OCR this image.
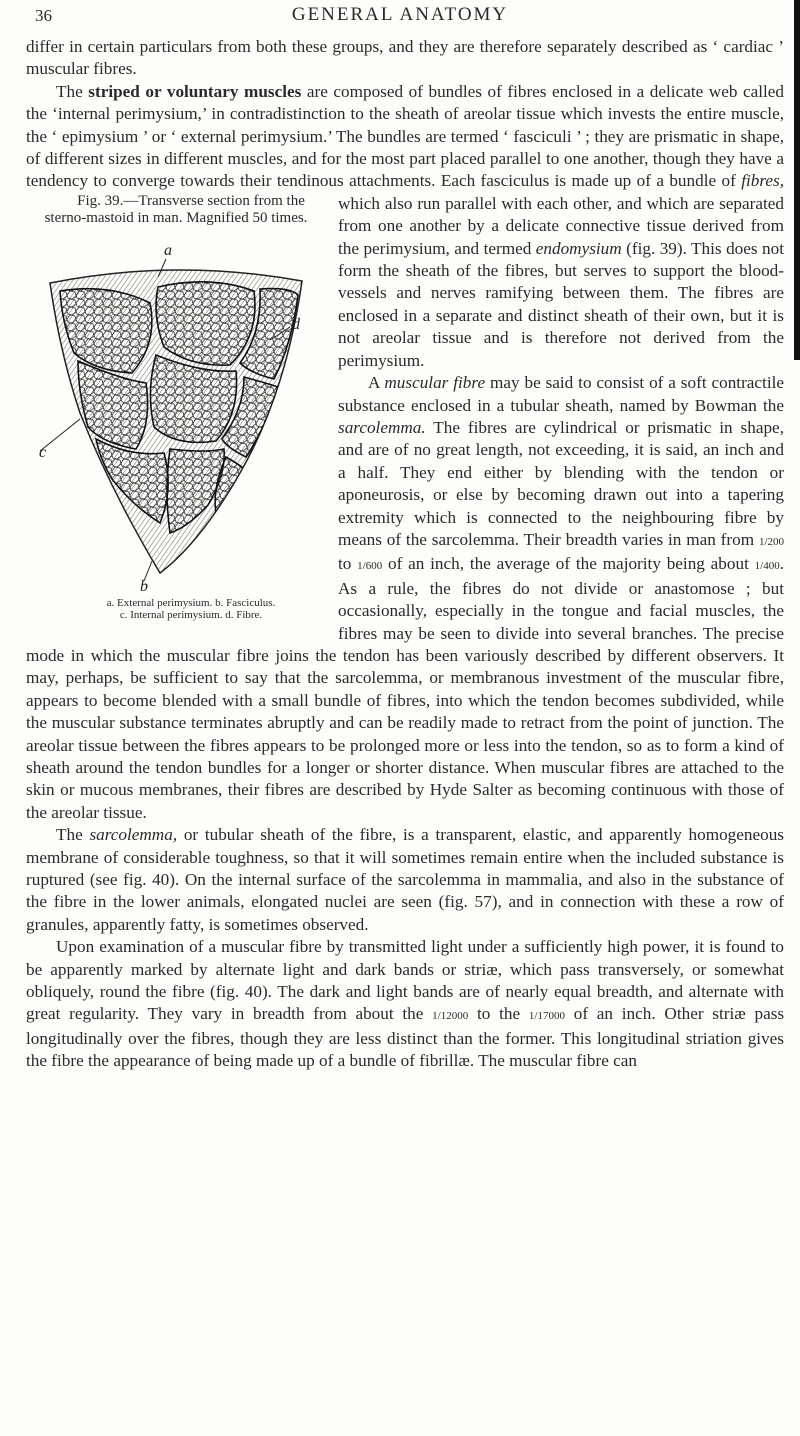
36	GENERAL ANATOMY

differ in certain particulars from both these groups, and they are therefore separately described as ‘ cardiac ’ muscular fibres.

The striped or voluntary muscles are composed of bundles of fibres enclosed in a delicate web called the ‘internal perimysium,’ in contradistinction to the sheath of areolar tissue which invests the entire muscle, the ‘ epimysium ’ or ‘ external perimysium.’ The bundles are termed ‘ fasciculi ’ ; they are prismatic in shape, of different sizes in different muscles, and for the most part placed parallel to one another, though they have a tendency to converge towards their tendinous attachments. Each fasciculus is made up of a bundle of
Fig. 39.—Transverse section from the sterno-mastoid in man. Magnified 50 times.
a
c
d
b
a. External perimysium. b. Fasciculus.
c. Internal perimysium. d. Fibre.
fibres, which also run parallel with each other, and which are separated from one another by a delicate connective tissue derived from the perimysium, and termed endomysium (fig. 39). This does not form the sheath of the fibres, but serves to support the blood-vessels and nerves ramifying between them. The fibres are enclosed in a separate and distinct sheath of their own, but it is not areolar tissue and is therefore not derived from the perimysium.

A muscular fibre may be said to consist of a soft contractile substance enclosed in a tubular sheath, named by Bowman the sarcolemma. The fibres are cylindrical or prismatic in shape, and are of no great length, not exceeding, it is said, an inch and a half. They end either by blending with the tendon or aponeurosis, or else by becoming drawn out into a tapering extremity which is connected to the neighbouring fibre by means of the sarcolemma. Their breadth varies in man from 1/200 to 1/600 of an inch, the average of the majority being about 1/400. As a rule, the fibres do not divide or anastomose ; but occasionally, especially in the tongue and facial muscles, the fibres may be seen to divide into several branches. The precise mode in which the muscular fibre joins the tendon has been variously described by different observers. It may, perhaps, be sufficient to say that the sarcolemma, or membranous investment of the muscular fibre, appears to become blended with a small bundle of fibres, into which the tendon becomes subdivided, while the muscular substance terminates abruptly and can be readily made to retract from the point of junction. The areolar tissue between the fibres appears to be prolonged more or less into the tendon, so as to form a kind of sheath around the tendon bundles for a longer or shorter distance. When muscular fibres are attached to the skin or mucous membranes, their fibres are described by Hyde Salter as becoming continuous with those of the areolar tissue.

The sarcolemma, or tubular sheath of the fibre, is a transparent, elastic, and apparently homogeneous membrane of considerable toughness, so that it will sometimes remain entire when the included substance is ruptured (see fig. 40). On the internal surface of the sarcolemma in mammalia, and also in the substance of the fibre in the lower animals, elongated nuclei are seen (fig. 57), and in connection with these a row of granules, apparently fatty, is sometimes observed.

Upon examination of a muscular fibre by transmitted light under a sufficiently high power, it is found to be apparently marked by alternate light and dark bands or striæ, which pass transversely, or somewhat obliquely, round the fibre (fig. 40). The dark and light bands are of nearly equal breadth, and alternate with great regularity. They vary in breadth from about the 1/12000 to the 1/17000 of an inch. Other striæ pass longitudinally over the fibres, though they are less distinct than the former. This longitudinal striation gives the fibre the appearance of being made up of a bundle of fibrillæ. The muscular fibre can
